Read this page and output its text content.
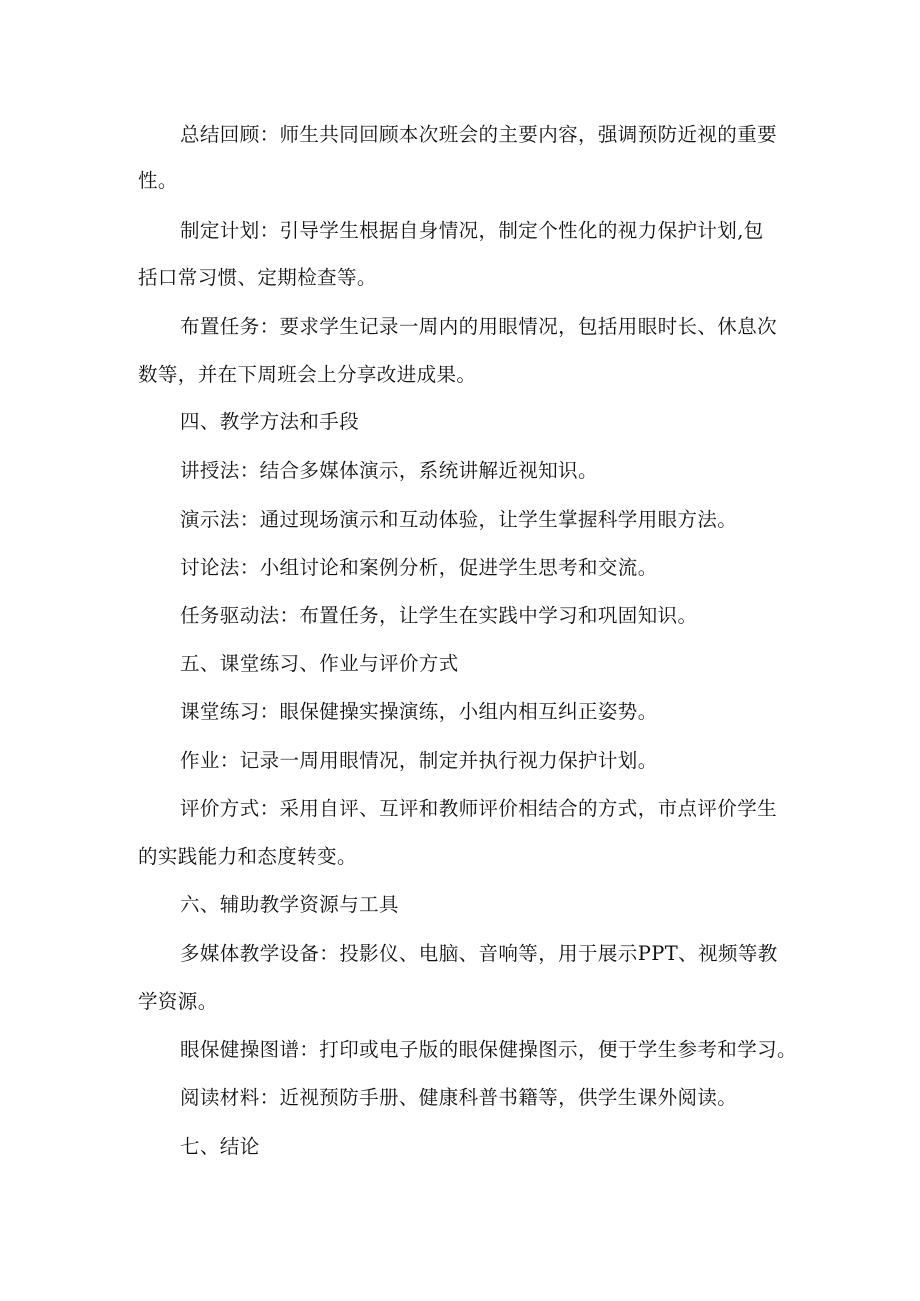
总结回顾：师生共同回顾本次班会的主要内容，强调预防近视的重要

性。

制定计划：引导学生根据自身情况，制定个性化的视力保护计划,包

括口常习惯、定期检查等。

布置任务：要求学生记录一周内的用眼情况，包括用眼时长、休息次

数等，并在下周班会上分享改进成果。

四、教学方法和手段

讲授法：结合多媒体演示，系统讲解近视知识。

演示法：通过现场演示和互动体验，让学生掌握科学用眼方法。

讨论法：小组讨论和案例分析，促进学生思考和交流。

任务驱动法：布置任务，让学生在实践中学习和巩固知识。

五、课堂练习、作业与评价方式

课堂练习：眼保健操实操演练，小组内相互纠正姿势。

作业：记录一周用眼情况，制定并执行视力保护计划。

评价方式：采用自评、互评和教师评价相结合的方式，市点评价学生

的实践能力和态度转变。

六、辅助教学资源与工具

多媒体教学设备：投影仪、电脑、音响等，用于展示PPT、视频等教

学资源。

眼保健操图谱：打印或电子版的眼保健操图示，便于学生参考和学习。

阅读材料：近视预防手册、健康科普书籍等，供学生课外阅读。

七、结论
